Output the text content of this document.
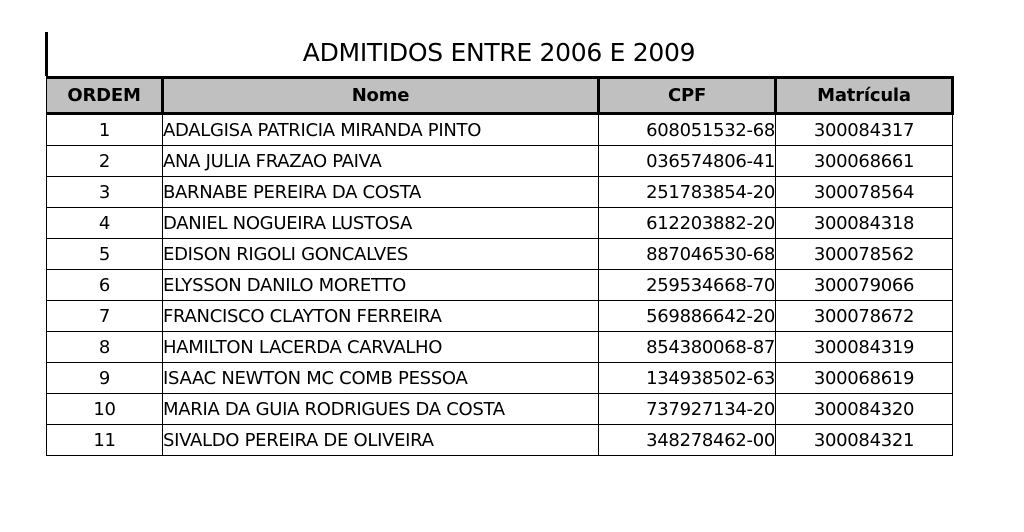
ADMITIDOS ENTRE 2006 E 2009
ORDEM	Nome	CPF	Matrícula
1	ADALGISA PATRICIA MIRANDA PINTO	608051532-68	300084317
2	ANA JULIA FRAZAO PAIVA	036574806-41	300068661
3	BARNABE PEREIRA DA COSTA	251783854-20	300078564
4	DANIEL NOGUEIRA LUSTOSA	612203882-20	300084318
5	EDISON RIGOLI GONCALVES	887046530-68	300078562
6	ELYSSON DANILO MORETTO	259534668-70	300079066
7	FRANCISCO CLAYTON FERREIRA	569886642-20	300078672
8	HAMILTON LACERDA CARVALHO	854380068-87	300084319
9	ISAAC NEWTON MC COMB PESSOA	134938502-63	300068619
10	MARIA DA GUIA RODRIGUES DA COSTA	737927134-20	300084320
11	SIVALDO PEREIRA DE OLIVEIRA	348278462-00	300084321
